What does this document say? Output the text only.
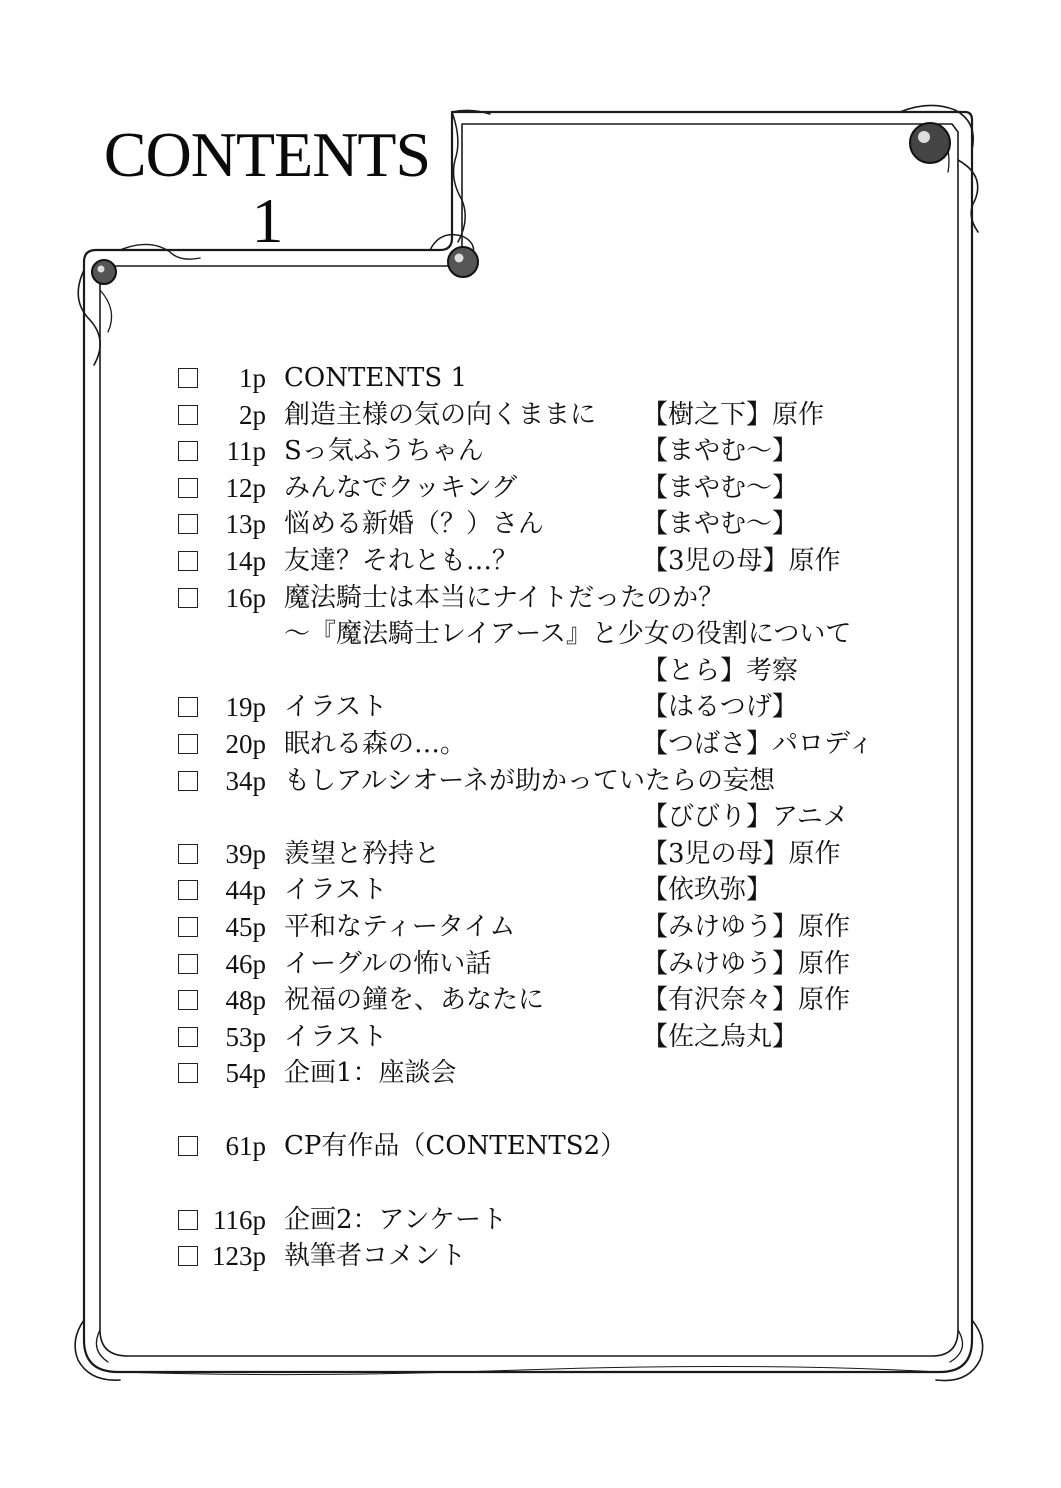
CONTENTS
1
1p CONTENTS 1
2p 創造主様の気の向くままに 【樹之下】原作
11p Sっ気ふうちゃん	【まやむ～】
12p みんなでクッキング	【まやむ～】
13p 悩める新婚（？）さん	【まやむ～】
14p 友達？それとも…？	【3児の母】原作
16p 魔法騎士は本当にナイトだったのか？
～『魔法騎士レイアース』と少女の役割について
【とら】考察
19p イラスト	【はるつげ】
20p 眠れる森の…。	【つばさ】パロディ
34p もしアルシオーネが助かっていたらの妄想
【びびり】アニメ
39p 羨望と矜持と	【3児の母】原作
44p イラスト	【依玖弥】
45p 平和なティータイム	【みけゆう】原作
46p イーグルの怖い話	【みけゆう】原作
48p 祝福の鐘を、あなたに	【有沢奈々】原作
53p イラスト	【佐之烏丸】
54p 企画1：座談会
61p CP有作品（CONTENTS2）
116p 企画2：アンケート
123p 執筆者コメント
